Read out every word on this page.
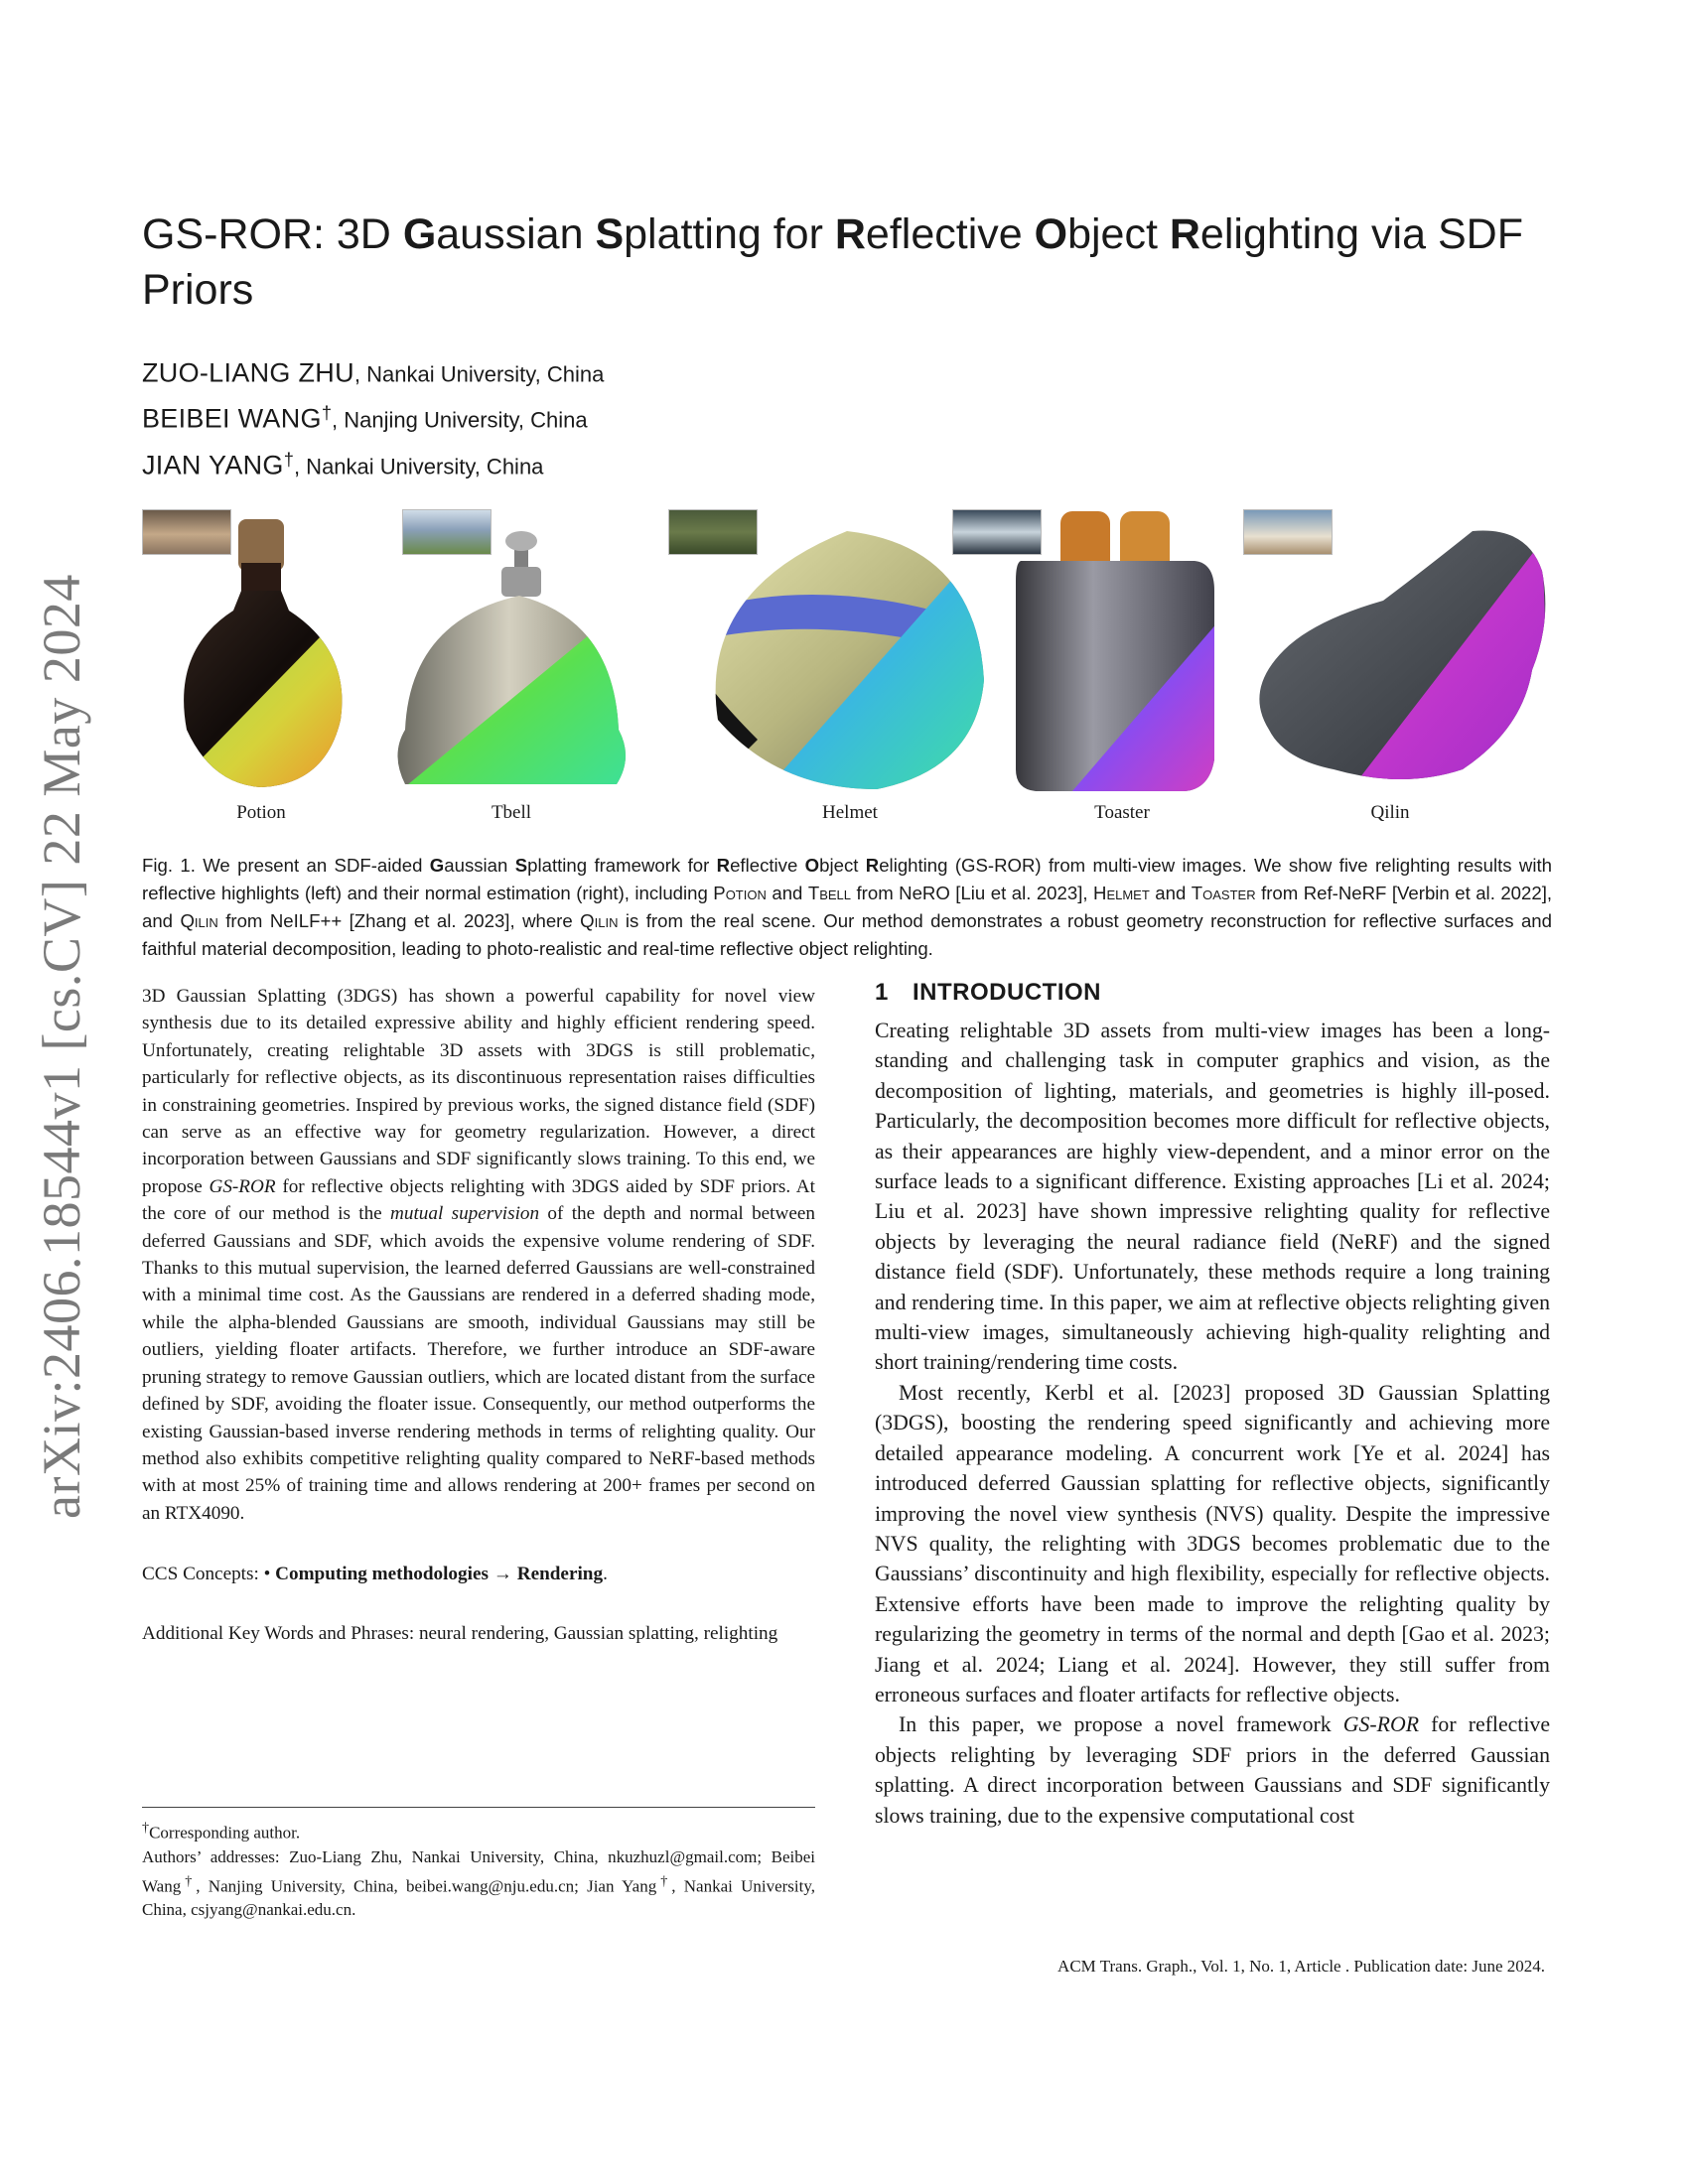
arXiv:2406.18544v1 [cs.CV] 22 May 2024
GS-ROR: 3D Gaussian Splatting for Reflective Object Relighting via SDF Priors
ZUO-LIANG ZHU, Nankai University, China
BEIBEI WANG†, Nanjing University, China
JIAN YANG†, Nankai University, China
Potion	Tbell	Helmet	Toaster	Qilin

Fig. 1. We present an SDF-aided Gaussian Splatting framework for Reflective Object Relighting (GS-ROR) from multi-view images. We show five relighting results with reflective highlights (left) and their normal estimation (right), including Potion and Tbell from NeRO [Liu et al. 2023], Helmet and Toaster from Ref-NeRF [Verbin et al. 2022], and Qilin from NeILF++ [Zhang et al. 2023], where Qilin is from the real scene. Our method demonstrates a robust geometry reconstruction for reflective surfaces and faithful material decomposition, leading to photo-realistic and real-time reflective object relighting.

3D Gaussian Splatting (3DGS) has shown a powerful capability for novel view synthesis due to its detailed expressive ability and highly efficient rendering speed. Unfortunately, creating relightable 3D assets with 3DGS is still problematic, particularly for reflective objects, as its discontinuous representation raises difficulties in constraining geometries. Inspired by previous works, the signed distance field (SDF) can serve as an effective way for geometry regularization. However, a direct incorporation between Gaussians and SDF significantly slows training. To this end, we propose GS-ROR for reflective objects relighting with 3DGS aided by SDF priors. At the core of our method is the mutual supervision of the depth and normal between deferred Gaussians and SDF, which avoids the expensive volume rendering of SDF. Thanks to this mutual supervision, the learned deferred Gaussians are well-constrained with a minimal time cost. As the Gaussians are rendered in a deferred shading mode, while the alpha-blended Gaussians are smooth, individual Gaussians may still be outliers, yielding floater artifacts. Therefore, we further introduce an SDF-aware pruning strategy to remove Gaussian outliers, which are located distant from the surface defined by SDF, avoiding the floater issue. Consequently, our method outperforms the existing Gaussian-based inverse rendering methods in terms of relighting quality. Our method also exhibits competitive relighting quality compared to NeRF-based methods with at most 25% of training time and allows rendering at 200+ frames per second on an RTX4090.

CCS Concepts: • Computing methodologies → Rendering.

Additional Key Words and Phrases: neural rendering, Gaussian splatting, relighting

†Corresponding author.

Authors’ addresses: Zuo-Liang Zhu, Nankai University, China, nkuzhuzl@gmail.com; Beibei Wang†, Nanjing University, China, beibei.wang@nju.edu.cn; Jian Yang†, Nankai University, China, csjyang@nankai.edu.cn.

1 INTRODUCTION

Creating relightable 3D assets from multi-view images has been a long-standing and challenging task in computer graphics and vision, as the decomposition of lighting, materials, and geometries is highly ill-posed. Particularly, the decomposition becomes more difficult for reflective objects, as their appearances are highly view-dependent, and a minor error on the surface leads to a significant difference. Existing approaches [Li et al. 2024; Liu et al. 2023] have shown impressive relighting quality for reflective objects by leveraging the neural radiance field (NeRF) and the signed distance field (SDF). Unfortunately, these methods require a long training and rendering time. In this paper, we aim at reflective objects relighting given multi-view images, simultaneously achieving high-quality relighting and short training/rendering time costs.

Most recently, Kerbl et al. [2023] proposed 3D Gaussian Splatting (3DGS), boosting the rendering speed significantly and achieving more detailed appearance modeling. A concurrent work [Ye et al. 2024] has introduced deferred Gaussian splatting for reflective objects, significantly improving the novel view synthesis (NVS) quality. Despite the impressive NVS quality, the relighting with 3DGS becomes problematic due to the Gaussians’ discontinuity and high flexibility, especially for reflective objects. Extensive efforts have been made to improve the relighting quality by regularizing the geometry in terms of the normal and depth [Gao et al. 2023; Jiang et al. 2024; Liang et al. 2024]. However, they still suffer from erroneous surfaces and floater artifacts for reflective objects.

In this paper, we propose a novel framework GS-ROR for reflective objects relighting by leveraging SDF priors in the deferred Gaussian splatting. A direct incorporation between Gaussians and SDF significantly slows training, due to the expensive computational cost

ACM Trans. Graph., Vol. 1, No. 1, Article . Publication date: June 2024.
